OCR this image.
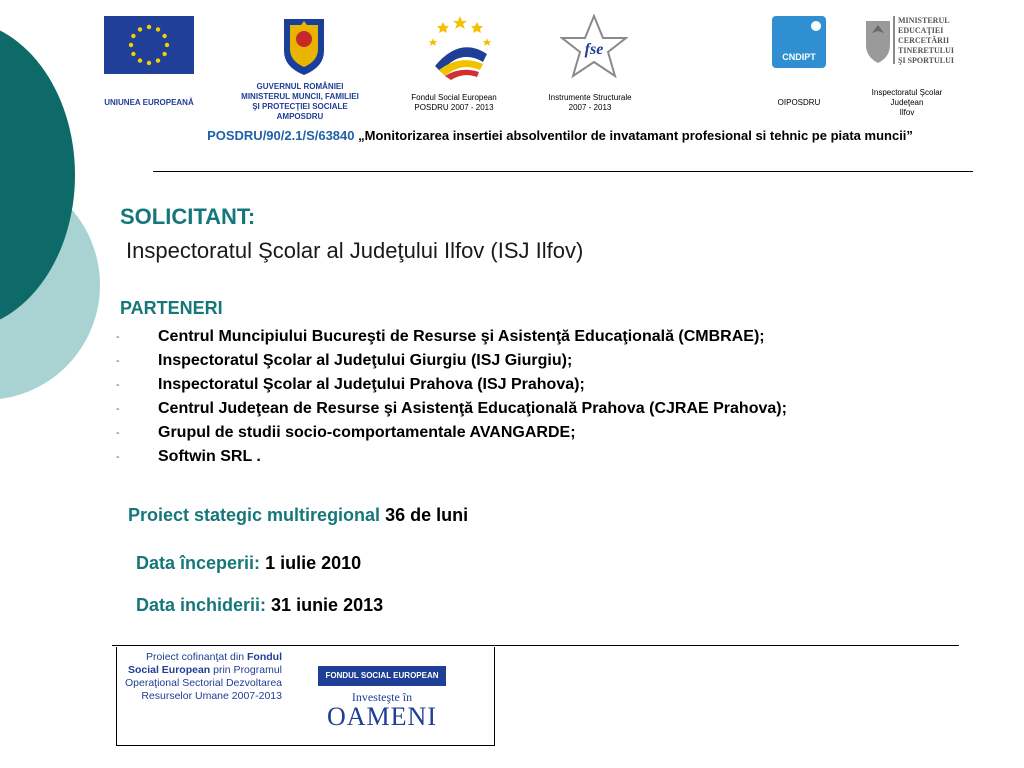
UNIUNEA EUROPEANĂ
GUVERNUL ROMÂNIEI
MINISTERUL MUNCII, FAMILIEI
ŞI PROTECŢIEI SOCIALE
AMPOSDRU
Fondul Social European
POSDRU 2007 - 2013
fse
Instrumente Structurale
2007 - 2013
CNDIPT
OIPOSDRU
MINISTERUL
EDUCAŢIEI
CERCETĂRII
TINERETULUI
ŞI SPORTULUI
Inspectoratul Şcolar
Judeţean
Ilfov
POSDRU/90/2.1/S/63840 „Monitorizarea insertiei absolventilor de invatamant profesional si tehnic pe piata muncii”
SOLICITANT:
Inspectoratul Şcolar al Judeţului Ilfov (ISJ Ilfov)
PARTENERI
- Centrul Muncipiului Bucureşti de Resurse şi Asistenţă Educaţională (CMBRAE);
- Inspectoratul Şcolar al Judeţului Giurgiu (ISJ Giurgiu);
- Inspectoratul Şcolar al Judeţului Prahova (ISJ Prahova);
- Centrul Judeţean de Resurse şi Asistenţă Educaţională Prahova (CJRAE Prahova);
- Grupul de studii socio-comportamentale AVANGARDE;
- Softwin SRL .
Proiect stategic multiregional 36 de luni
Data începerii: 1 iulie 2010
Data inchiderii: 31 iunie 2013
Proiect cofinanţat din Fondul Social European prin Programul Operaţional Sectorial Dezvoltarea Resurselor Umane 2007-2013
FONDUL SOCIAL EUROPEAN
Investeşte în
OAMENI
